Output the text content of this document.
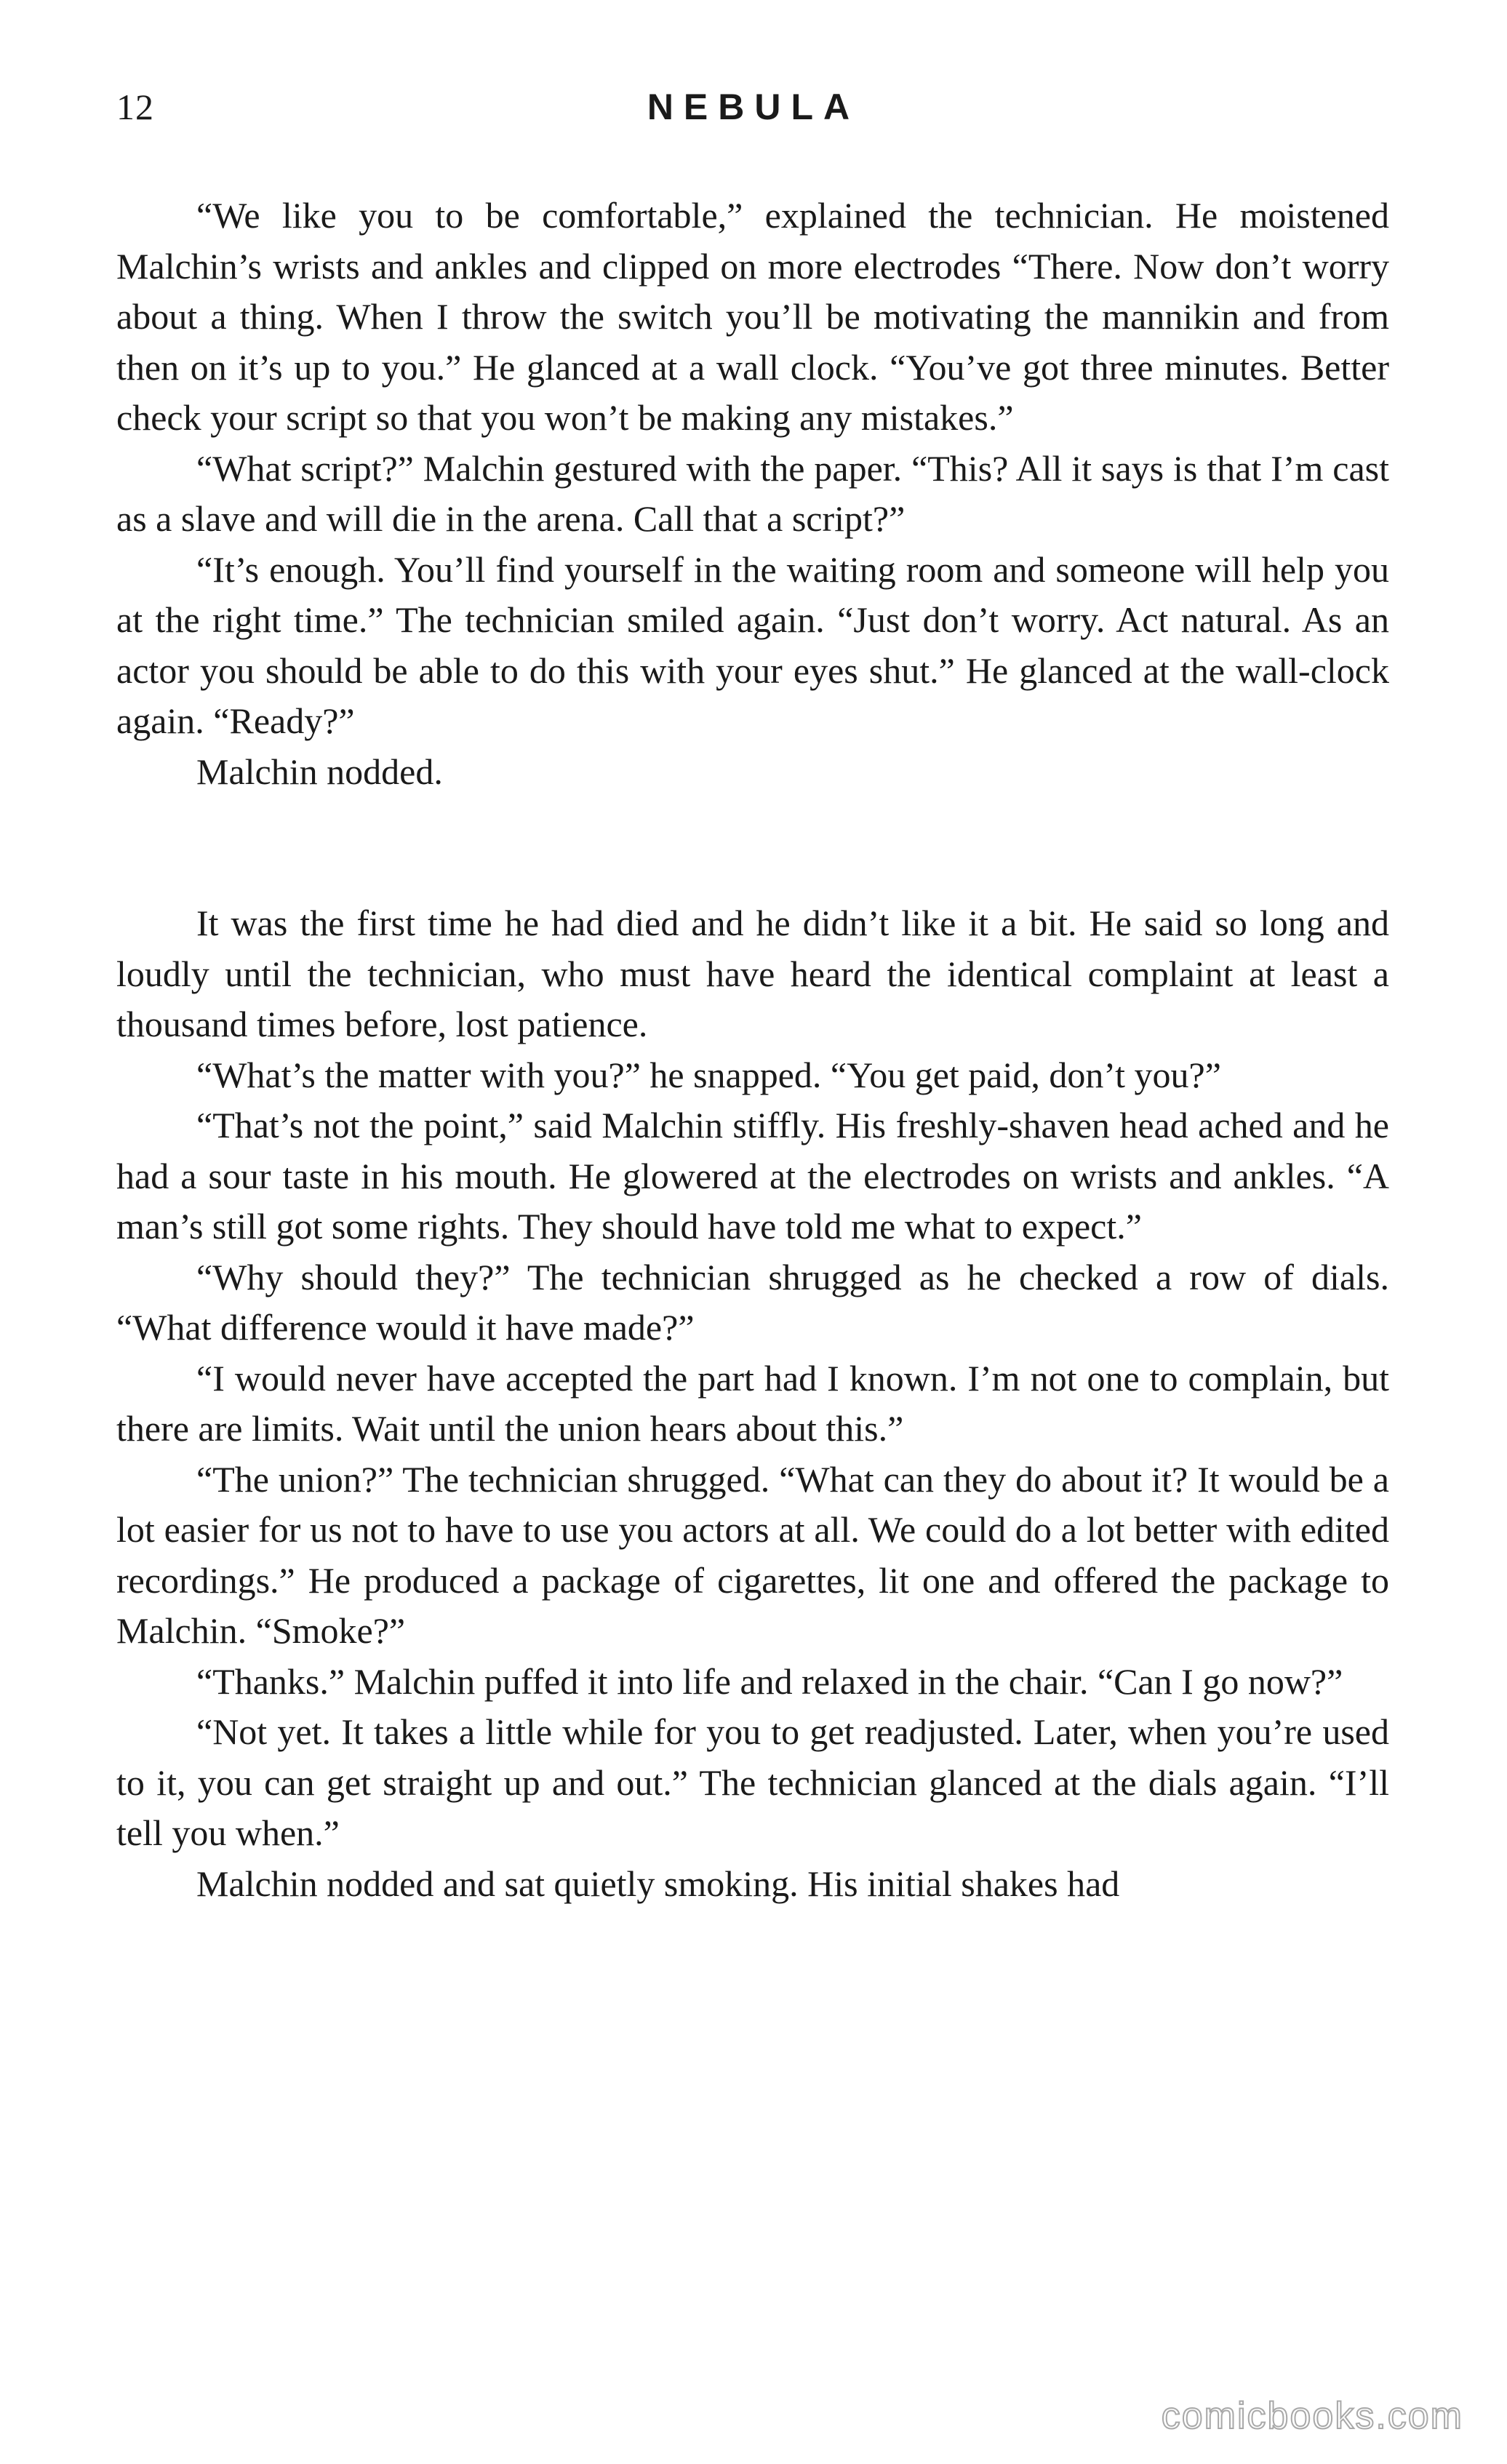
12	NEBULA

“We like you to be comfortable,” explained the technician. He moistened Malchin’s wrists and ankles and clipped on more electrodes “There. Now don’t worry about a thing. When I throw the switch you’ll be motivating the mannikin and from then on it’s up to you.” He glanced at a wall clock. “You’ve got three minutes. Better check your script so that you won’t be making any mistakes.”

“What script?” Malchin gestured with the paper. “This? All it says is that I’m cast as a slave and will die in the arena. Call that a script?”

“It’s enough. You’ll find yourself in the waiting room and someone will help you at the right time.” The technician smiled again. “Just don’t worry. Act natural. As an actor you should be able to do this with your eyes shut.” He glanced at the wall-clock again. “Ready?”

Malchin nodded.

It was the first time he had died and he didn’t like it a bit. He said so long and loudly until the technician, who must have heard the identical complaint at least a thousand times before, lost patience.

“What’s the matter with you?” he snapped. “You get paid, don’t you?”

“That’s not the point,” said Malchin stiffly. His freshly-shaven head ached and he had a sour taste in his mouth. He glowered at the electrodes on wrists and ankles. “A man’s still got some rights. They should have told me what to expect.”

“Why should they?” The technician shrugged as he checked a row of dials. “What difference would it have made?”

“I would never have accepted the part had I known. I’m not one to complain, but there are limits. Wait until the union hears about this.”

“The union?” The technician shrugged. “What can they do about it? It would be a lot easier for us not to have to use you actors at all. We could do a lot better with edited recordings.” He produced a package of cigarettes, lit one and offered the package to Malchin. “Smoke?”

“Thanks.” Malchin puffed it into life and relaxed in the chair. “Can I go now?”

“Not yet. It takes a little while for you to get readjusted. Later, when you’re used to it, you can get straight up and out.” The technician glanced at the dials again. “I’ll tell you when.”

Malchin nodded and sat quietly smoking. His initial shakes had

comicbooks.com
